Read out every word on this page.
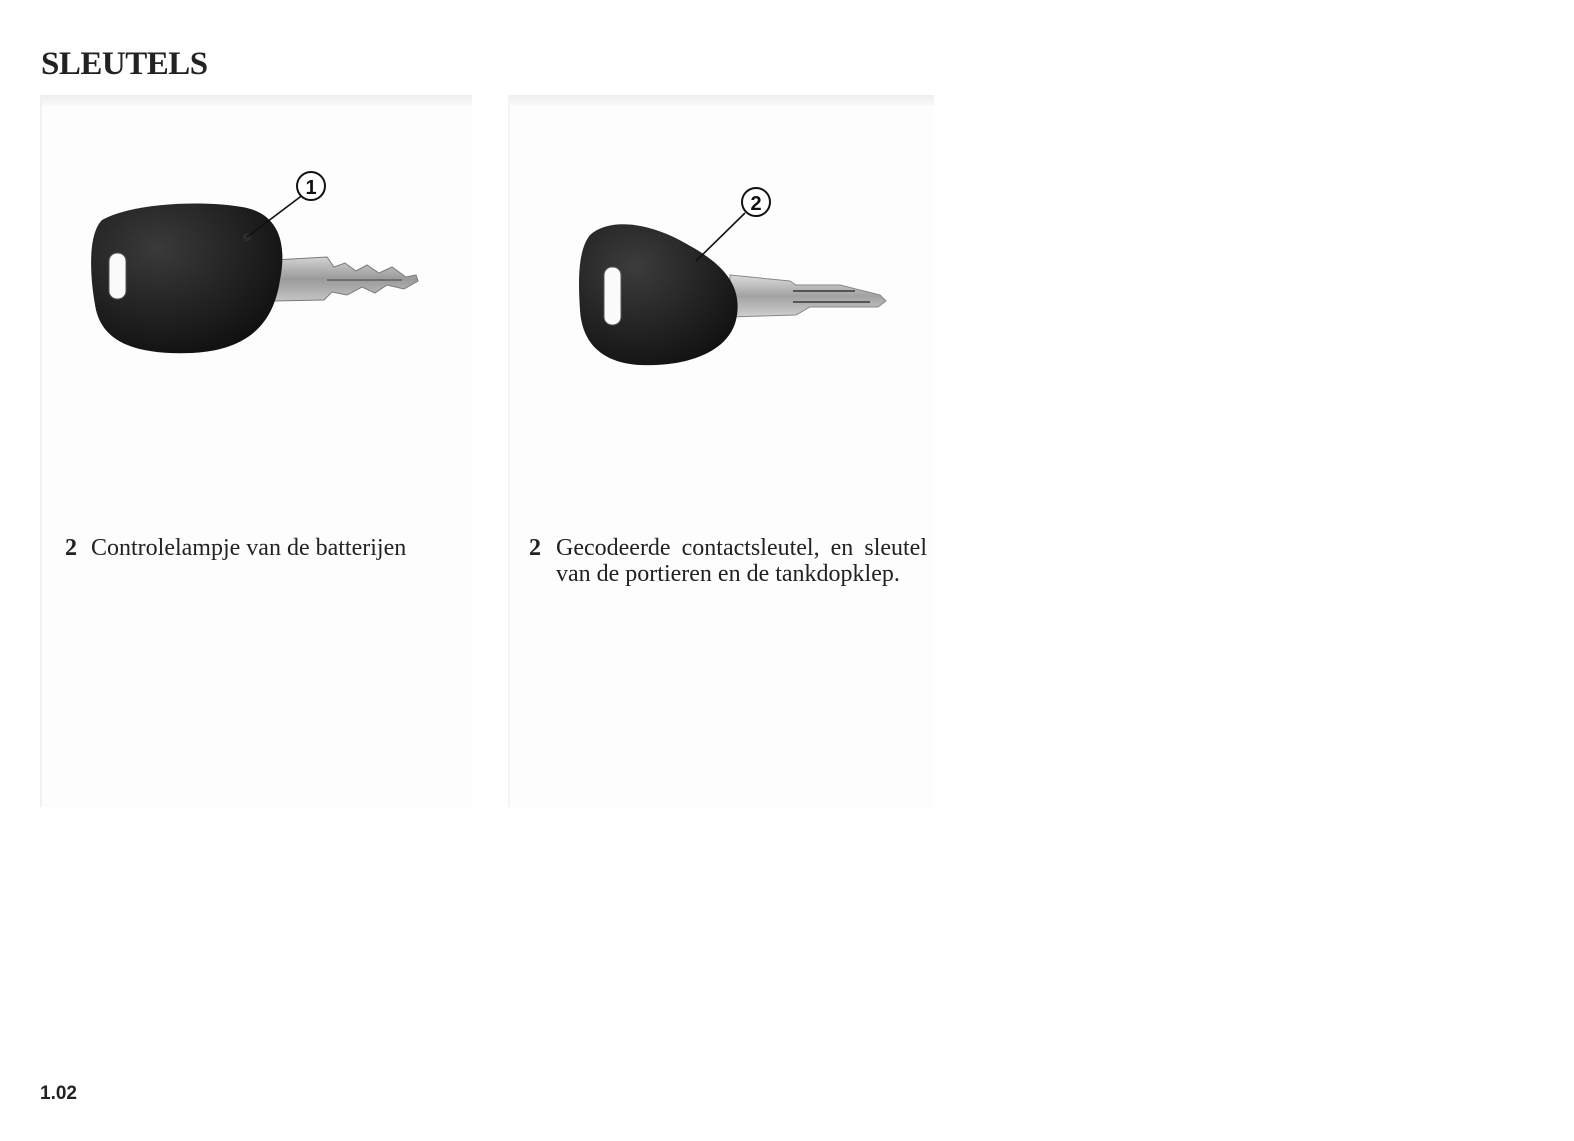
SLEUTELS
1
2
2 Controlelampje van de batterijen	2 Gecodeerde contactsleutel, en sleutel van de portieren en de tankdopklep.
1.02
